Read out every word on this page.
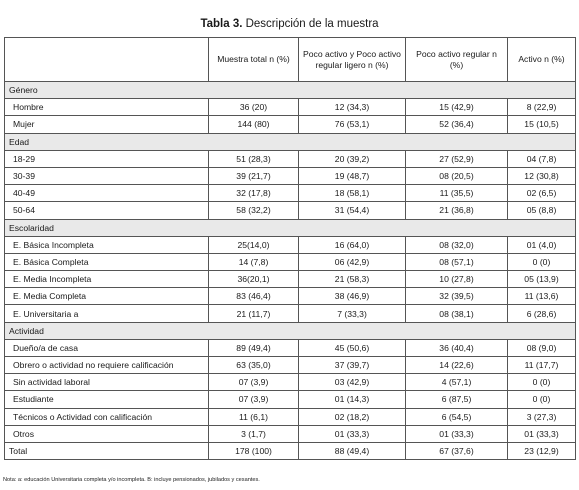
Tabla 3. Descripción de la muestra
	Muestra total n (%)	Poco activo y Poco activo regular ligero n (%)	Poco activo regular n (%)	Activo n (%)
Género				
Hombre	36 (20)	12 (34,3)	15 (42,9)	8 (22,9)
Mujer	144 (80)	76 (53,1)	52 (36,4)	15 (10,5)
Edad				
18-29	51 (28,3)	20 (39,2)	27 (52,9)	04 (7,8)
30-39	39 (21,7)	19 (48,7)	08 (20,5)	12 (30,8)
40-49	32 (17,8)	18 (58,1)	11 (35,5)	02 (6,5)
50-64	58 (32,2)	31 (54,4)	21 (36,8)	05 (8,8)
Escolaridad				
E. Básica Incompleta	25(14,0)	16 (64,0)	08 (32,0)	01 (4,0)
E. Básica Completa	14 (7,8)	06 (42,9)	08 (57,1)	0 (0)
E. Media Incompleta	36(20,1)	21 (58,3)	10 (27,8)	05 (13,9)
E. Media Completa	83 (46,4)	38 (46,9)	32 (39,5)	11 (13,6)
E. Universitaria a	21 (11,7)	7 (33,3)	08 (38,1)	6 (28,6)
Actividad				
Dueño/a de casa	89 (49,4)	45 (50,6)	36 (40,4)	08 (9,0)
Obrero o actividad no requiere calificación	63 (35,0)	37 (39,7)	14 (22,6)	11 (17,7)
Sin actividad laboral	07 (3,9)	03 (42,9)	4 (57,1)	0 (0)
Estudiante	07 (3,9)	01 (14,3)	6 (87,5)	0 (0)
Técnicos o Actividad con calificación	11 (6,1)	02 (18,2)	6 (54,5)	3 (27,3)
Otros	3 (1,7)	01 (33,3)	01 (33,3)	01 (33,3)
Total	178 (100)	88 (49,4)	67 (37,6)	23 (12,9)
Nota: a: educación Universitaria completa y/o incompleta. B: incluye pensionados, jubilados y cesantes.
